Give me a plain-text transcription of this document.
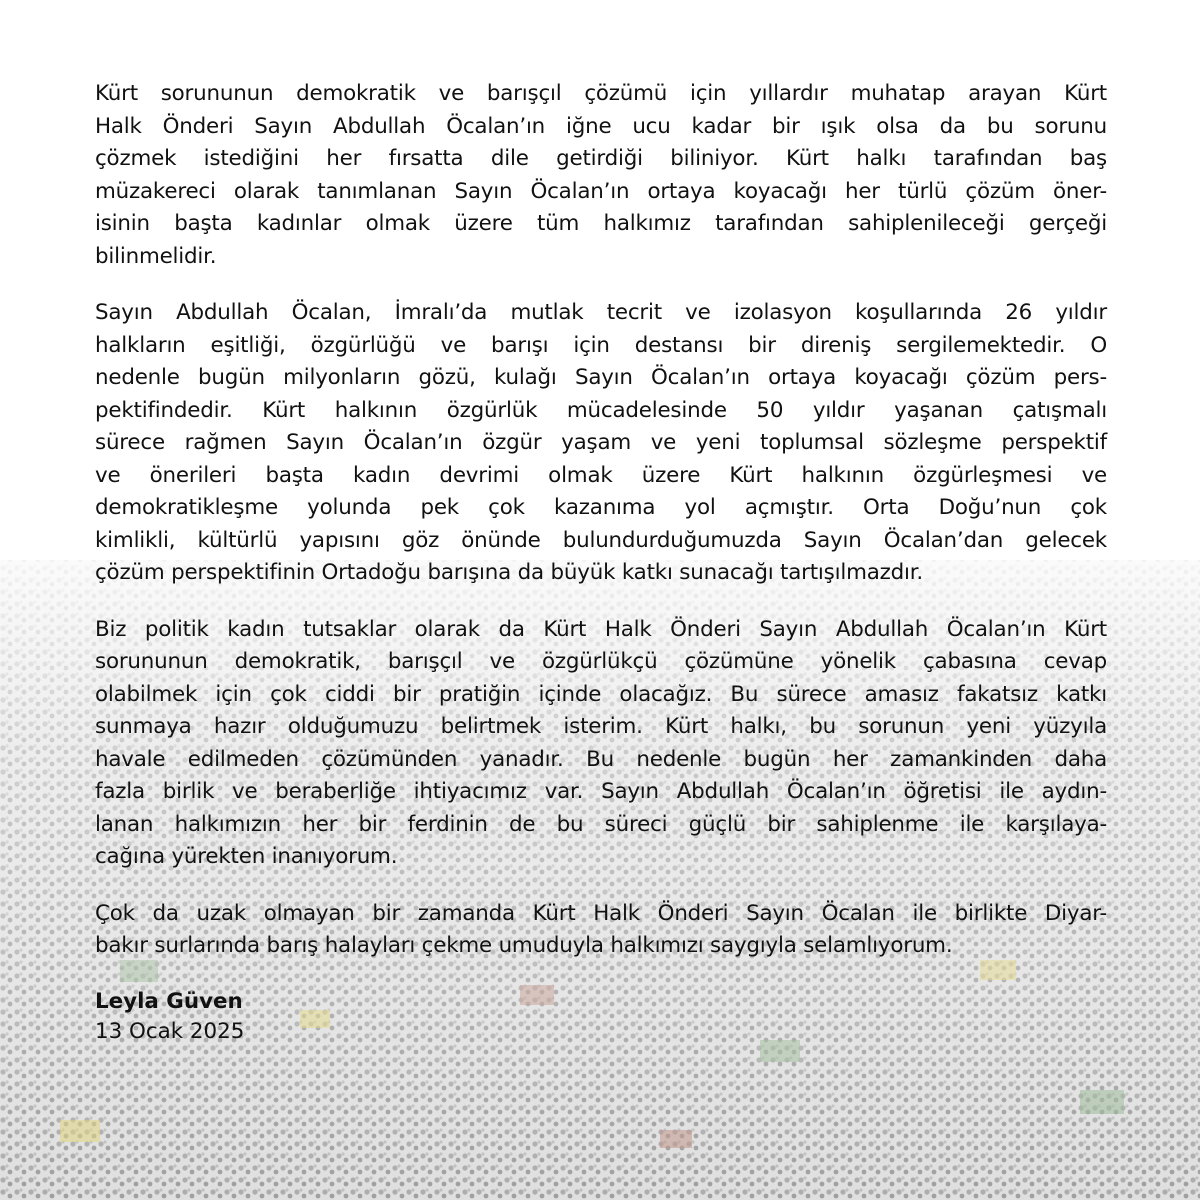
Kürt sorununun demokratik ve barışçıl çözümü için yıllardır muhatap arayan Kürt
Halk Önderi Sayın Abdullah Öcalan’ın iğne ucu kadar bir ışık olsa da bu sorunu
çözmek istediğini her fırsatta dile getirdiği biliniyor. Kürt halkı tarafından baş
müzakereci olarak tanımlanan Sayın Öcalan’ın ortaya koyacağı her türlü çözüm öner-
isinin başta kadınlar olmak üzere tüm halkımız tarafından sahiplenileceği gerçeği
bilinmelidir.

Sayın Abdullah Öcalan, İmralı’da mutlak tecrit ve izolasyon koşullarında 26 yıldır
halkların eşitliği, özgürlüğü ve barışı için destansı bir direniş sergilemektedir. O
nedenle bugün milyonların gözü, kulağı Sayın Öcalan’ın ortaya koyacağı çözüm pers-
pektifindedir. Kürt halkının özgürlük mücadelesinde 50 yıldır yaşanan çatışmalı
sürece rağmen Sayın Öcalan’ın özgür yaşam ve yeni toplumsal sözleşme perspektif
ve önerileri başta kadın devrimi olmak üzere Kürt halkının özgürleşmesi ve
demokratikleşme yolunda pek çok kazanıma yol açmıştır. Orta Doğu’nun çok
kimlikli, kültürlü yapısını göz önünde bulundurduğumuzda Sayın Öcalan’dan gelecek
çözüm perspektifinin Ortadoğu barışına da büyük katkı sunacağı tartışılmazdır.

Biz politik kadın tutsaklar olarak da Kürt Halk Önderi Sayın Abdullah Öcalan’ın Kürt
sorununun demokratik, barışçıl ve özgürlükçü çözümüne yönelik çabasına cevap
olabilmek için çok ciddi bir pratiğin içinde olacağız. Bu sürece amasız fakatsız katkı
sunmaya hazır olduğumuzu belirtmek isterim. Kürt halkı, bu sorunun yeni yüzyıla
havale edilmeden çözümünden yanadır. Bu nedenle bugün her zamankinden daha
fazla birlik ve beraberliğe ihtiyacımız var. Sayın Abdullah Öcalan’ın öğretisi ile aydın-
lanan halkımızın her bir ferdinin de bu süreci güçlü bir sahiplenme ile karşılaya-
cağına yürekten inanıyorum.

Çok da uzak olmayan bir zamanda Kürt Halk Önderi Sayın Öcalan ile birlikte Diyar-
bakır surlarında barış halayları çekme umuduyla halkımızı saygıyla selamlıyorum.

Leyla Güven
13 Ocak 2025
